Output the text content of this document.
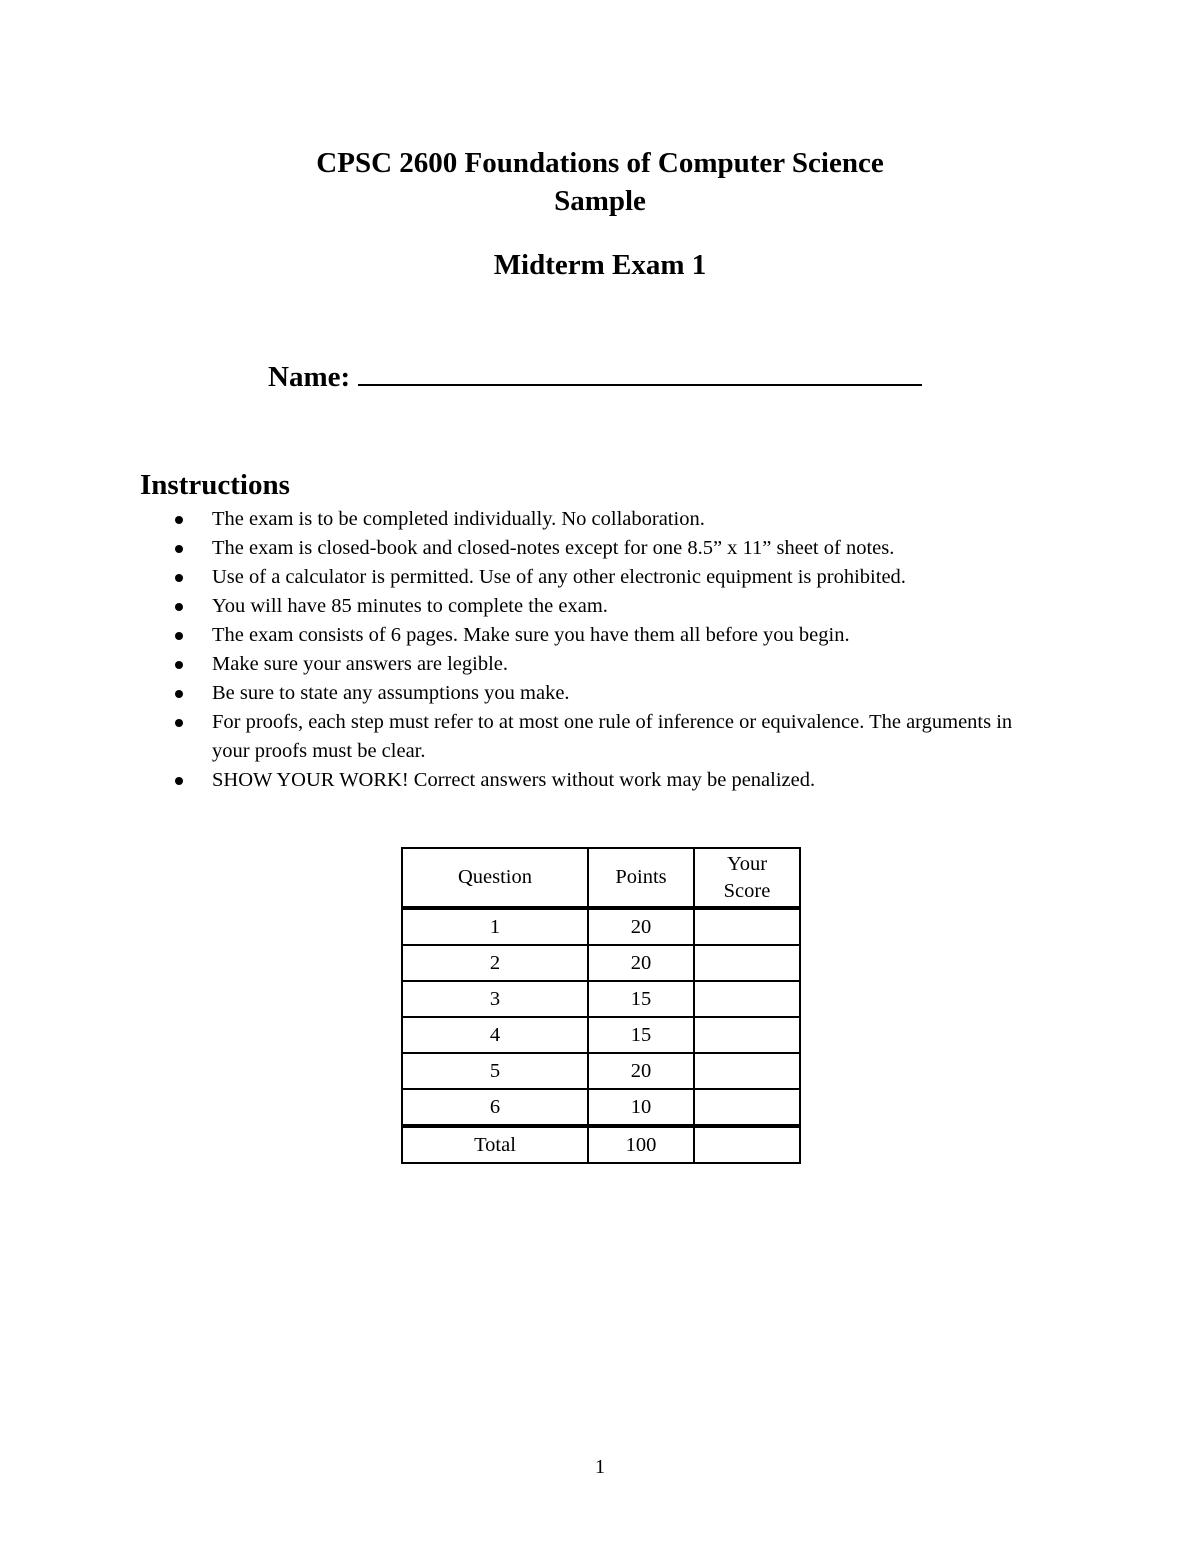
CPSC 2600 Foundations of Computer Science
Sample
Midterm Exam 1
Name:
Instructions
The exam is to be completed individually. No collaboration.
The exam is closed-book and closed-notes except for one 8.5” x 11” sheet of notes.
Use of a calculator is permitted. Use of any other electronic equipment is prohibited.
You will have 85 minutes to complete the exam.
The exam consists of 6 pages. Make sure you have them all before you begin.
Make sure your answers are legible.
Be sure to state any assumptions you make.
For proofs, each step must refer to at most one rule of inference or equivalence. The arguments in your proofs must be clear.
SHOW YOUR WORK! Correct answers without work may be penalized.
Question	Points	Your
Score
1	20	
2	20	
3	15	
4	15	
5	20	
6	10	
Total	100	
1
